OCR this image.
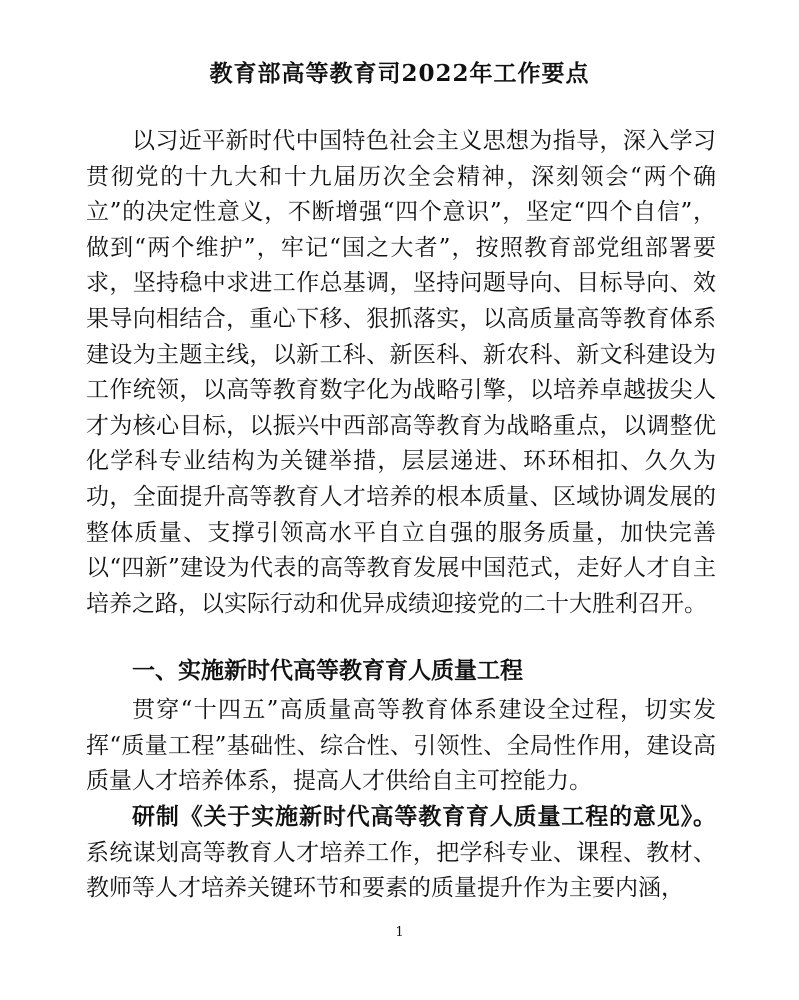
教育部高等教育司2022年工作要点

以习近平新时代中国特色社会主义思想为指导，深入学习贯彻党的十九大和十九届历次全会精神，深刻领会“两个确立”的决定性意义，不断增强“四个意识”，坚定“四个自信”，做到“两个维护”，牢记“国之大者”，按照教育部党组部署要求，坚持稳中求进工作总基调，坚持问题导向、目标导向、效果导向相结合，重心下移、狠抓落实，以高质量高等教育体系建设为主题主线，以新工科、新医科、新农科、新文科建设为工作统领，以高等教育数字化为战略引擎，以培养卓越拔尖人才为核心目标，以振兴中西部高等教育为战略重点，以调整优化学科专业结构为关键举措，层层递进、环环相扣、久久为功，全面提升高等教育人才培养的根本质量、区域协调发展的整体质量、支撑引领高水平自立自强的服务质量，加快完善以“四新”建设为代表的高等教育发展中国范式，走好人才自主培养之路，以实际行动和优异成绩迎接党的二十大胜利召开。

一、实施新时代高等教育育人质量工程

贯穿“十四五”高质量高等教育体系建设全过程，切实发挥“质量工程”基础性、综合性、引领性、全局性作用，建设高质量人才培养体系，提高人才供给自主可控能力。

研制《关于实施新时代高等教育育人质量工程的意见》。系统谋划高等教育人才培养工作，把学科专业、课程、教材、教师等人才培养关键环节和要素的质量提升作为主要内涵，

1
